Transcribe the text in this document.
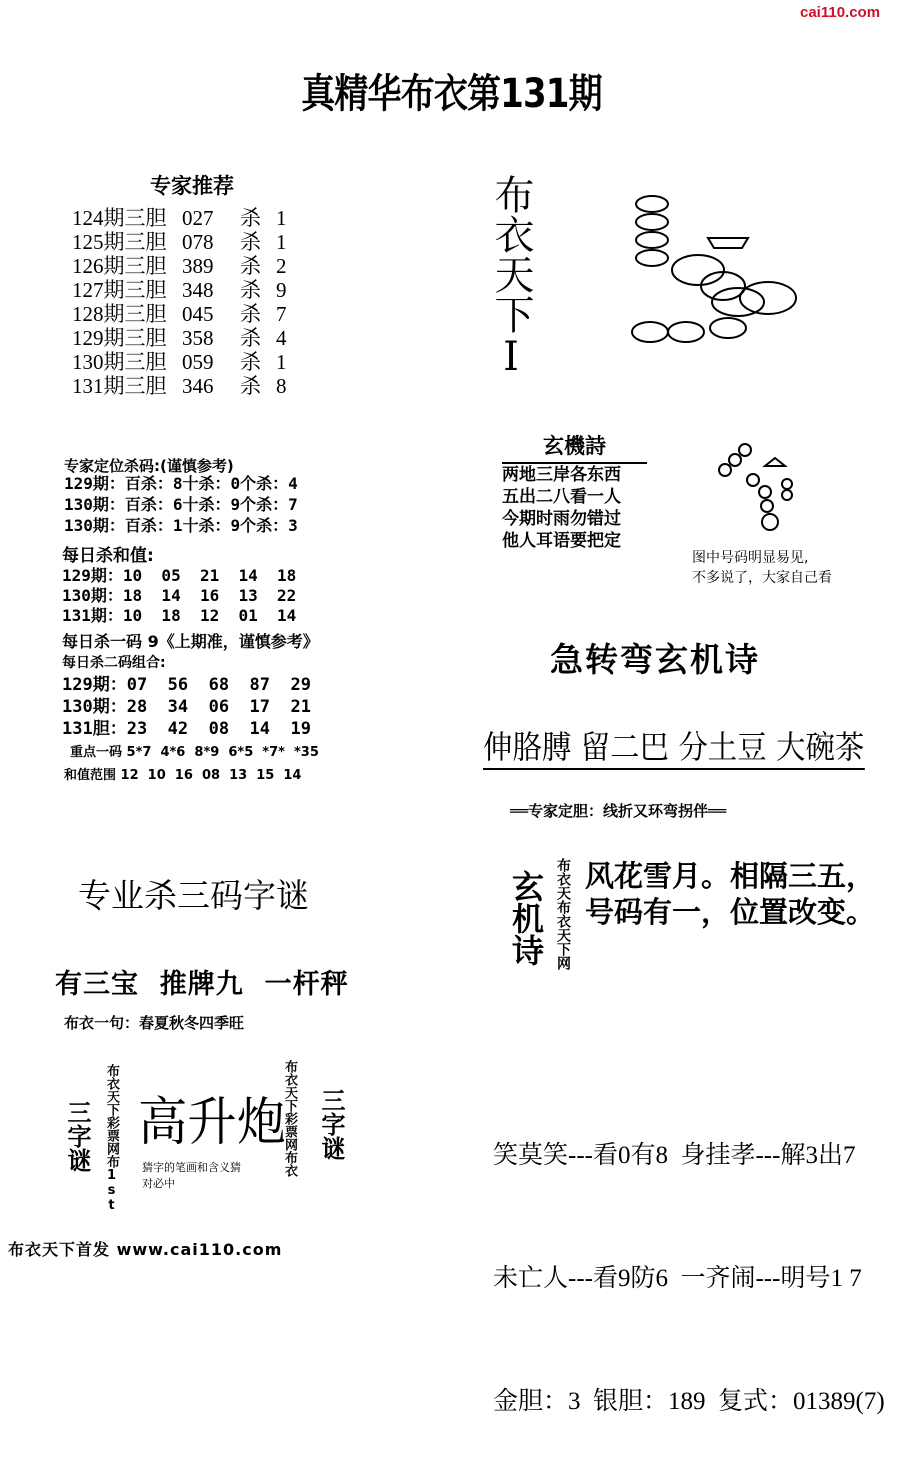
cai110.com
真精华布衣第131期
专家推荐
124期三胆 027 杀 1
125期三胆 078 杀 1
126期三胆 389 杀 2
127期三胆 348 杀 9
128期三胆 045 杀 7
129期三胆 358 杀 4
130期三胆 059 杀 1
131期三胆 346 杀 8
专家定位杀码:(谨慎参考)
129期：百杀：8十杀：0个杀：4
130期：百杀：6十杀：9个杀：7
130期：百杀：1十杀：9个杀：3
每日杀和值:
129期：10  05  21  14  18
130期：18  14  16  13  22
131期：10  18  12  01  14
每日杀一码 9《上期准，谨慎参考》
每日杀二码组合:
129期：07  56  68  87  29
130期：28  34  06  17  21
131胆：23  42  08  14  19
重点一码 5*7  4*6  8*9  6*5  *7*  *35
和值范围 12  10  16  08  13  15  14
布衣天下I
玄機詩
两地三岸各东西
五出二八看一人
今期时雨勿错过
他人耳语要把定
图中号码明显易见,
不多说了，大家自己看
急转弯玄机诗
伸胳膊 留二巴 分土豆 大碗茶
══专家定胆：线折又环弯拐伴══
玄机诗 布衣天布衣天下网 风花雪月。相隔三五，
号码有一，位置改变。

笑莫笑---看0有8  身挂孝---解3出7

未亡人---看9防6  一齐闹---明号1 7

金胆：3  银胆：189  复式：01389(7)

专业杀三码字谜
有三宝  推牌九  一杆秤
布衣一句：春夏秋冬四季旺
三字谜 布衣天下彩票网布1st 高升炮
猜字的笔画和含义猜
对必中
布衣天下彩票网布衣 三字谜
布衣天下首发 www.cai110.com
